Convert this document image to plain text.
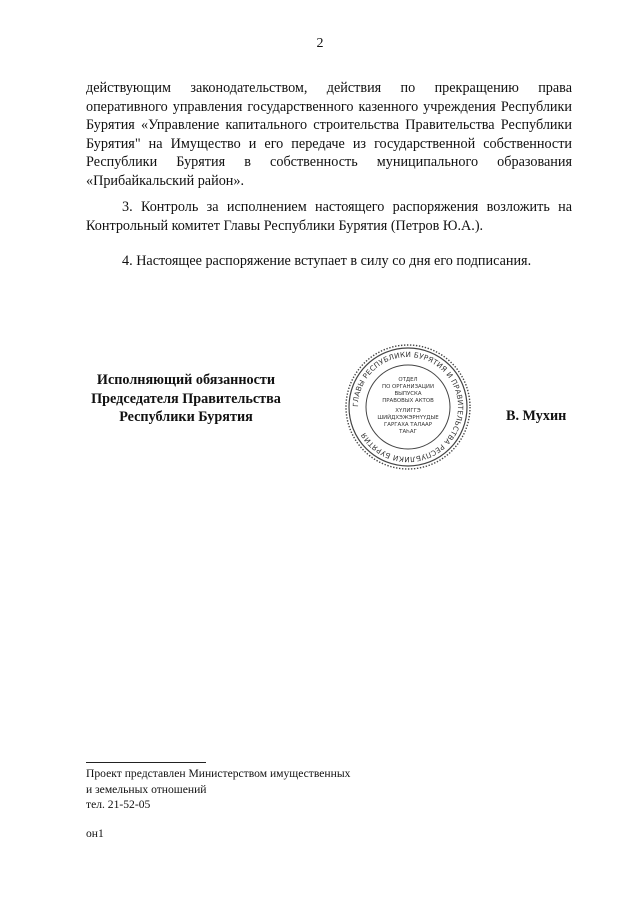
2
действующим законодательством, действия по прекращению права оперативного управления государственного казенного учреждения Республики Бурятия «Управление капитального строительства Правительства Республики Бурятия" на Имущество и его передаче из государственной собственности Республики Бурятия в собственность муниципального образования «Прибайкальский район».
3. Контроль за исполнением настоящего распоряжения возложить на Контрольный комитет Главы Республики Бурятия (Петров Ю.А.).
4. Настоящее распоряжение вступает в силу со дня его подписания.
Исполняющий обязанности
Председателя Правительства
Республики Бурятия
ГЛАВЫ РЕСПУБЛИКИ БУРЯТИЯ И ПРАВИТЕЛЬСТВА РЕСПУБЛИКИ БУРЯТИЯ
ОТДЕЛ
ПО ОРГАНИЗАЦИИ
ВЫПУСКА
ПРАВОВЫХ АКТОВ
ХҮЛИГГЭ
ШИЙДХЭЖЭРНҮҮДЫЕ
ГАРГАХА ТАЛААР
ТАҺАГ
В. Мухин
Проект представлен Министерством имущественных
и земельных отношений
тел. 21-52-05
он1
